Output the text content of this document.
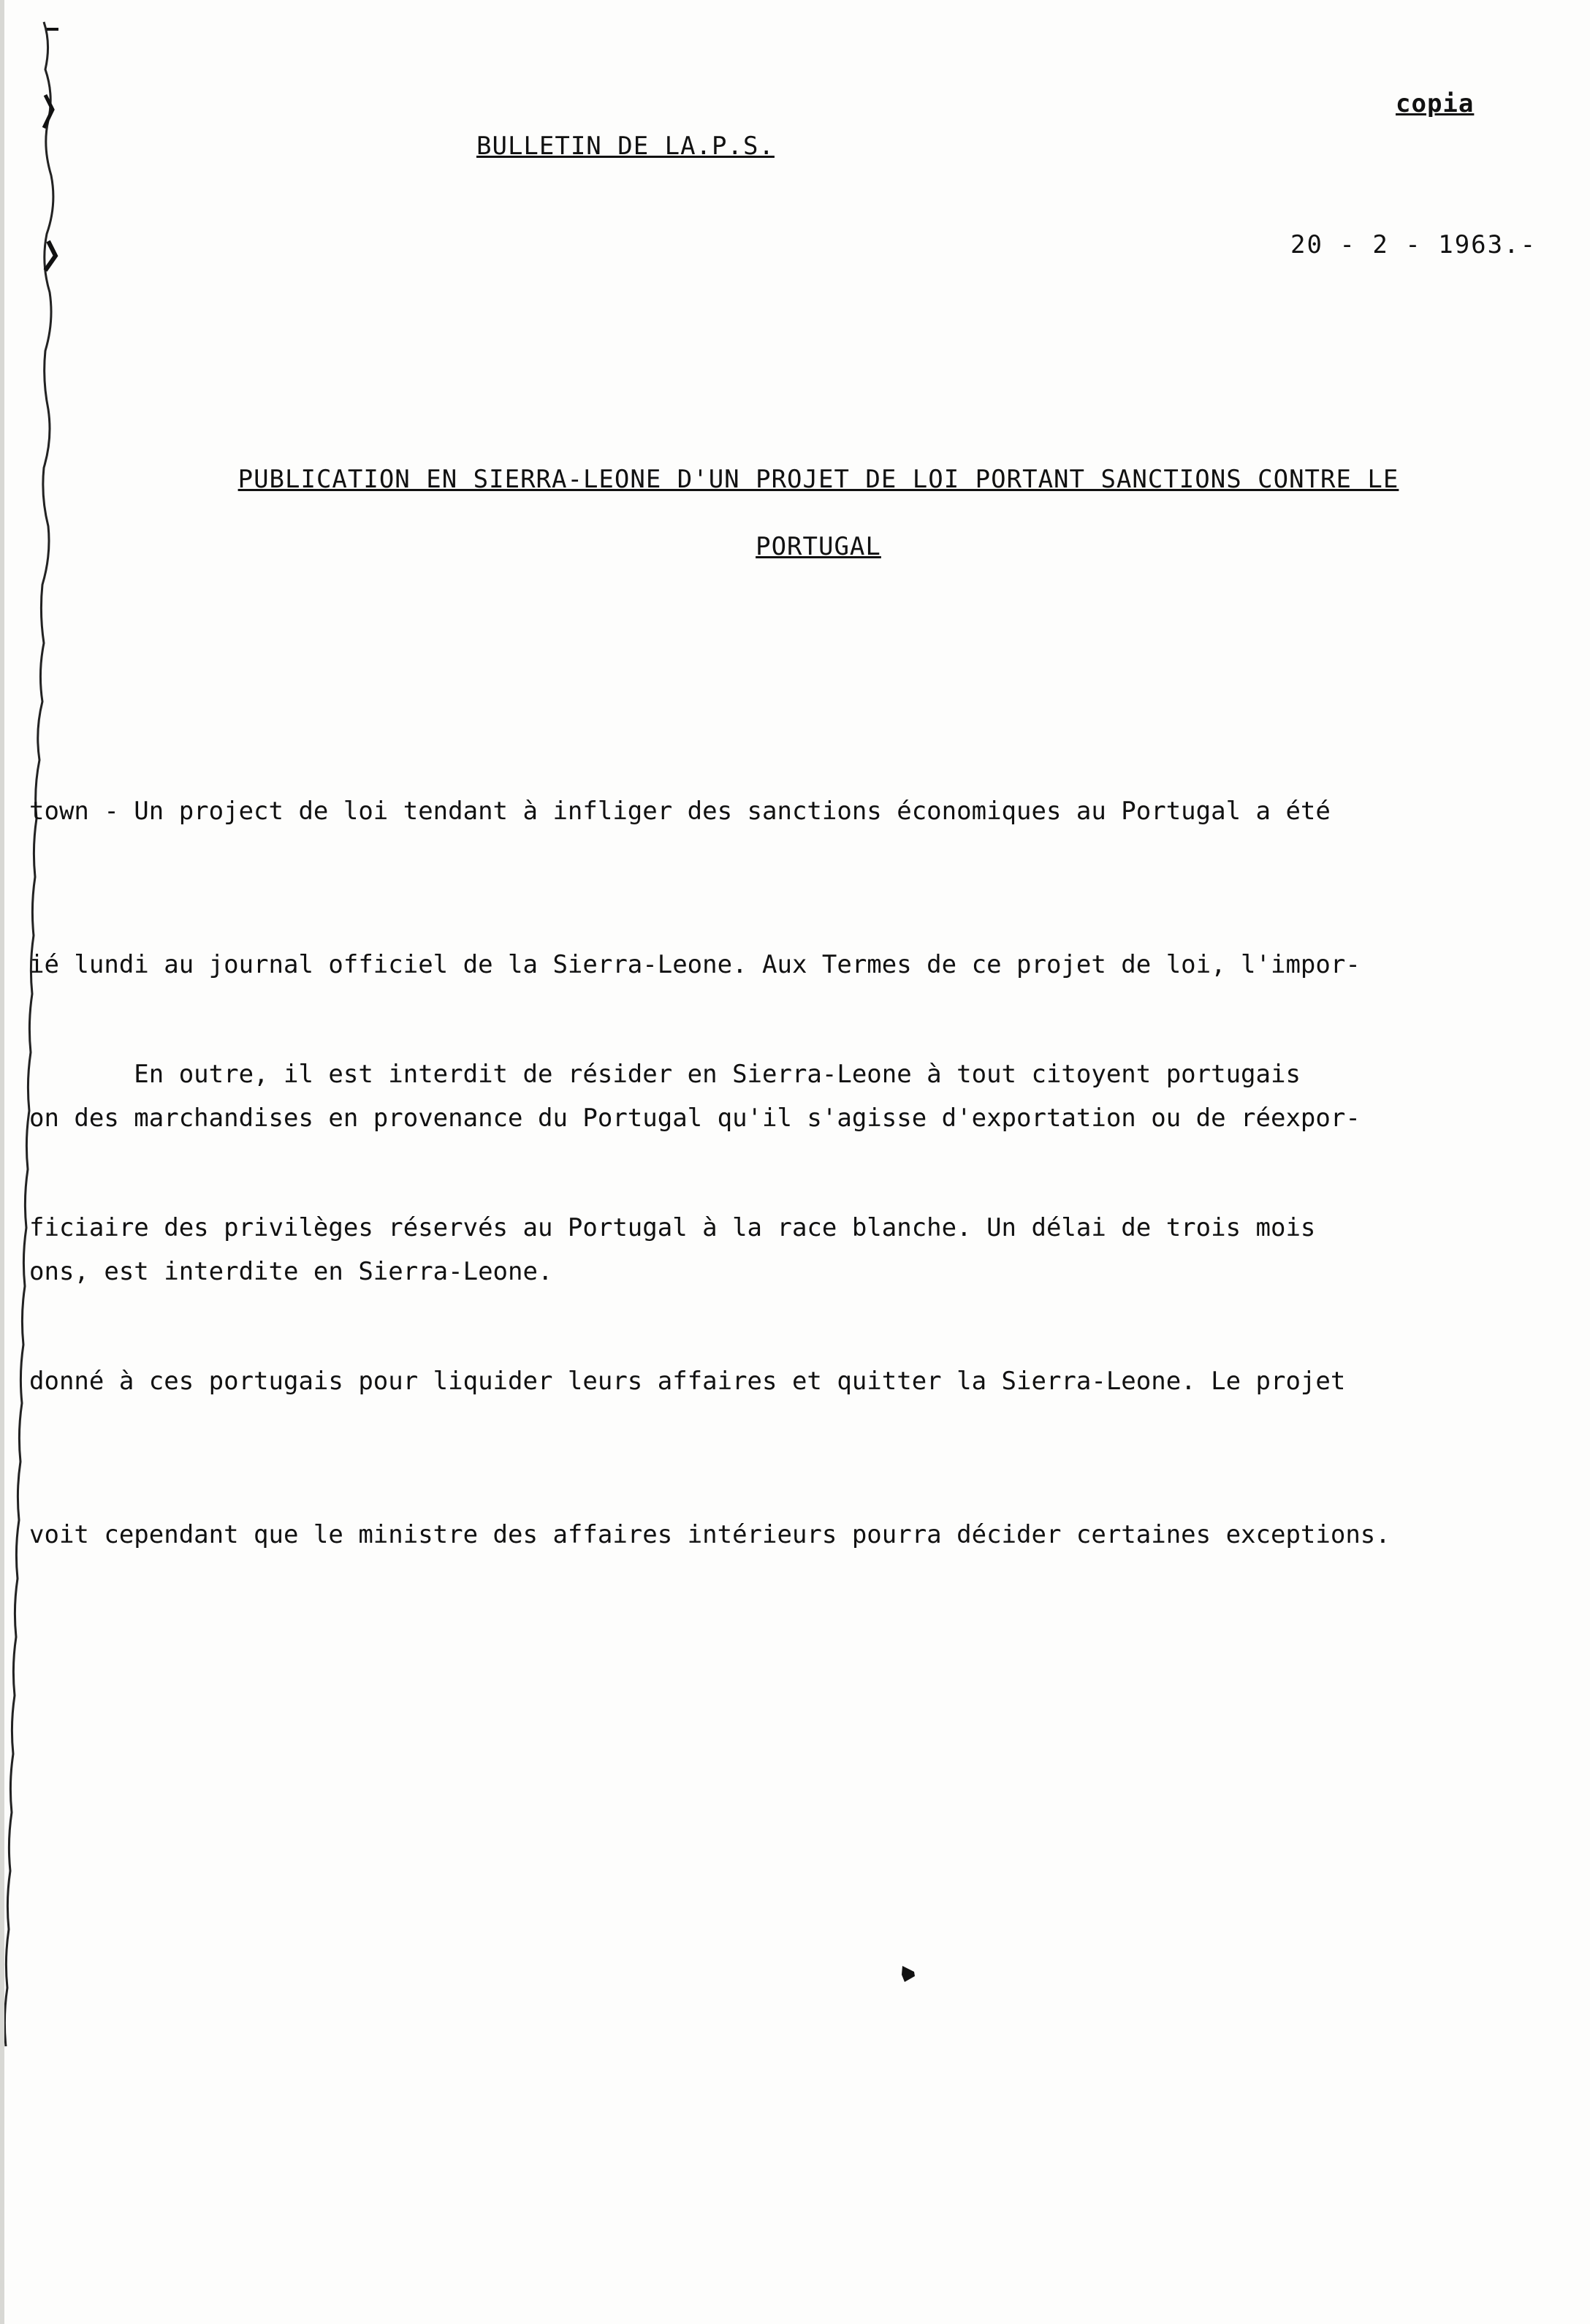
copia
BULLETIN DE LA.P.S.
20 - 2 - 1963.-
PUBLICATION EN SIERRA-LEONE D'UN PROJET DE LOI PORTANT SANCTIONS CONTRE LE
PORTUGAL

town - Un project de loi tendant à infliger des sanctions économiques au Portugal a été

ié lundi au journal officiel de la Sierra-Leone. Aux Termes de ce projet de loi, l'impor-

on des marchandises en provenance du Portugal qu'il s'agisse d'exportation ou de réexpor-

ons, est interdite en Sierra-Leone.

En outre, il est interdit de résider en Sierra-Leone à tout citoyent portugais

ficiaire des privilèges réservés au Portugal à la race blanche. Un délai de trois mois

donné à ces portugais pour liquider leurs affaires et quitter la Sierra-Leone. Le projet

voit cependant que le ministre des affaires intérieurs pourra décider certaines exceptions.
